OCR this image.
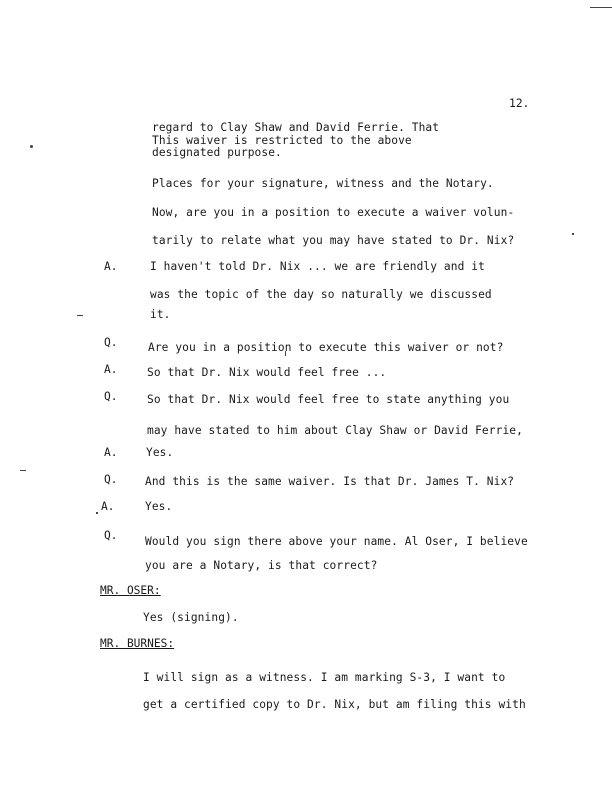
12.
regard to Clay Shaw and David Ferrie. That
This waiver is restricted to the above
designated purpose.
Places for your signature, witness and the Notary.
Now, are you in a position to execute a waiver volun-
tarily to relate what you may have stated to Dr. Nix?
A.	I haven't told Dr. Nix ... we are friendly and it
was the topic of the day so naturally we discussed
it.
Q.	Are you in a position to execute this waiver or not?
A.	So that Dr. Nix would feel free ...
Q.	So that Dr. Nix would feel free to state anything you
may have stated to him about Clay Shaw or David Ferrie,
A.	Yes.
Q. And this is the same waiver. Is that Dr. James T. Nix?
A.	Yes.
Q. Would you sign there above your name. Al Oser, I believe
you are a Notary, is that correct?
MR. OSER:
Yes (signing).
MR. BURNES:
I will sign as a witness. I am marking S-3, I want to
get a certified copy to Dr. Nix, but am filing this with
